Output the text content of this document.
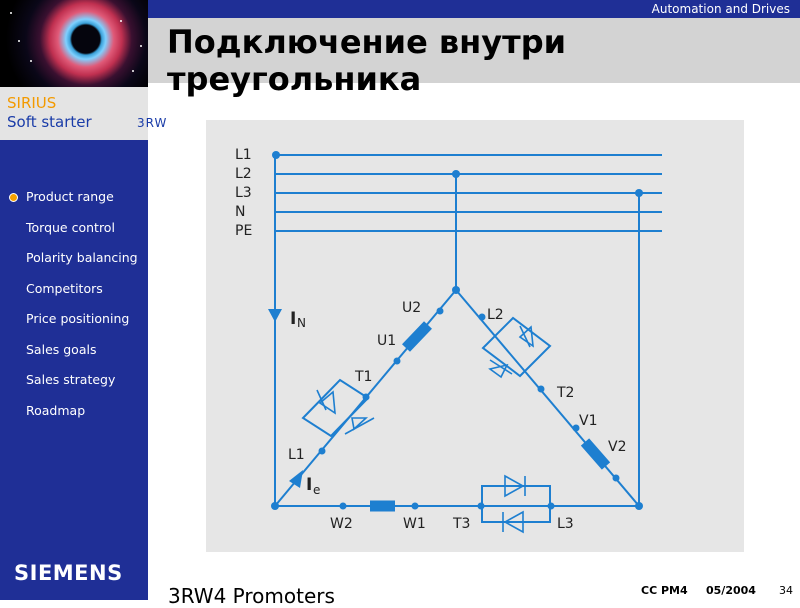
SIRIUS
Soft starter	3RW
Product range
Torque control
Polarity balancing
Competitors
Price positioning
Sales goals
Sales strategy
Roadmap
SIEMENS
Automation and Drives
Подключение внутри
треугольника
L1
L2
L3
N
PE
I N
I e
U2
U1
T1
L1
L2
T2
V1
V2
W2	W1 T3	L3
3RW4 Promoters	CC PM4 05/2004 34
